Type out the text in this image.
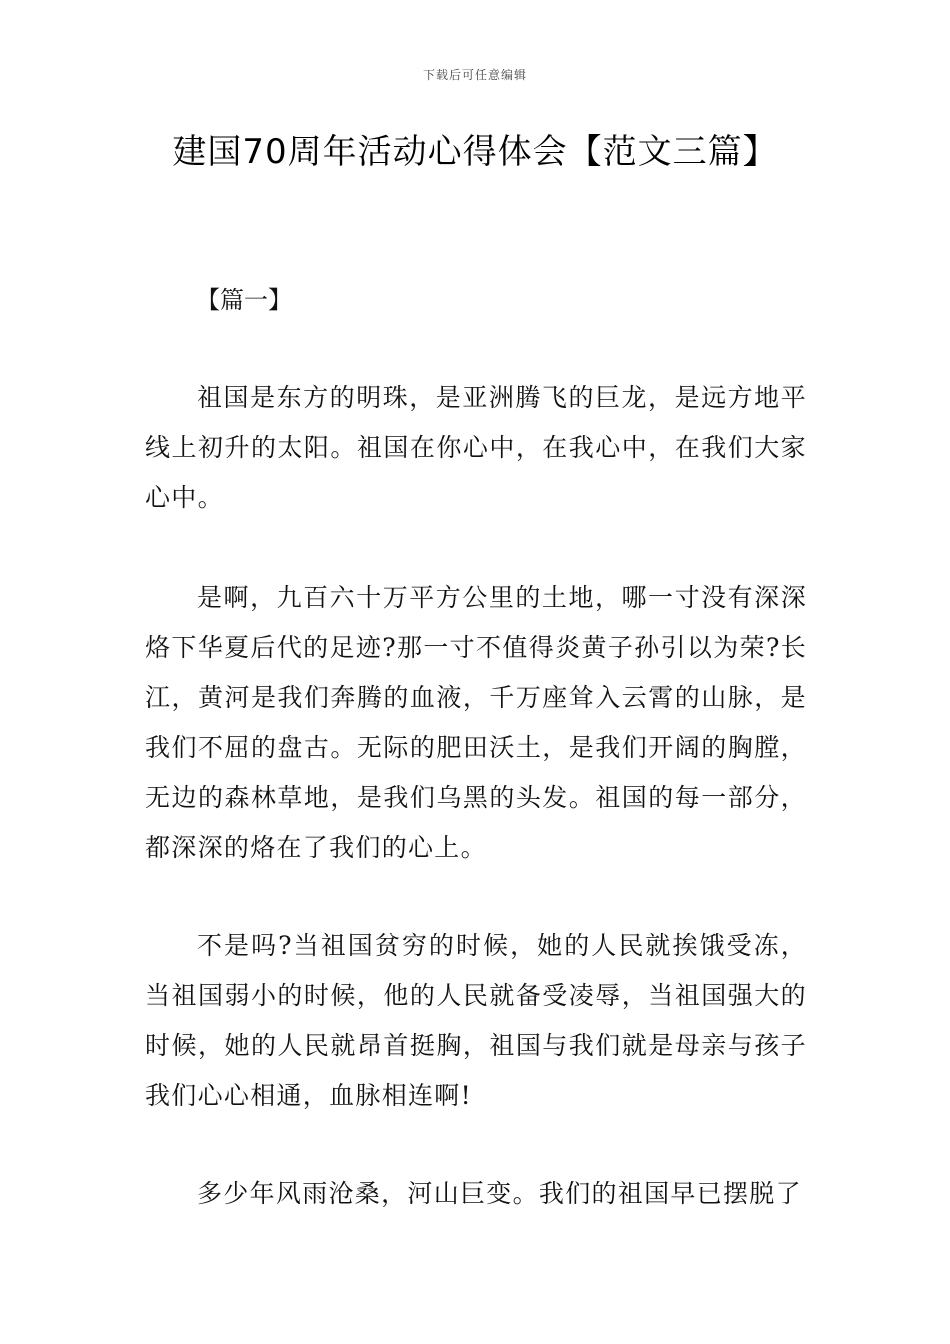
下载后可任意编辑
建国70周年活动心得体会【范文三篇】

【篇一】

祖国是东方的明珠，是亚洲腾飞的巨龙，是远方地平线上初升的太阳。祖国在你心中，在我心中，在我们大家心中。

是啊，九百六十万平方公里的土地，哪一寸没有深深烙下华夏后代的足迹?那一寸不值得炎黄子孙引以为荣?长江，黄河是我们奔腾的血液，千万座耸入云霄的山脉，是我们不屈的盘古。无际的肥田沃土，是我们开阔的胸膛，无边的森林草地，是我们乌黑的头发。祖国的每一部分，都深深的烙在了我们的心上。

不是吗?当祖国贫穷的时候，她的人民就挨饿受冻，当祖国弱小的时候，他的人民就备受凌辱，当祖国强大的时候，她的人民就昂首挺胸，祖国与我们就是母亲与孩子我们心心相通，血脉相连啊!

多少年风雨沧桑，河山巨变。我们的祖国早已摆脱了
